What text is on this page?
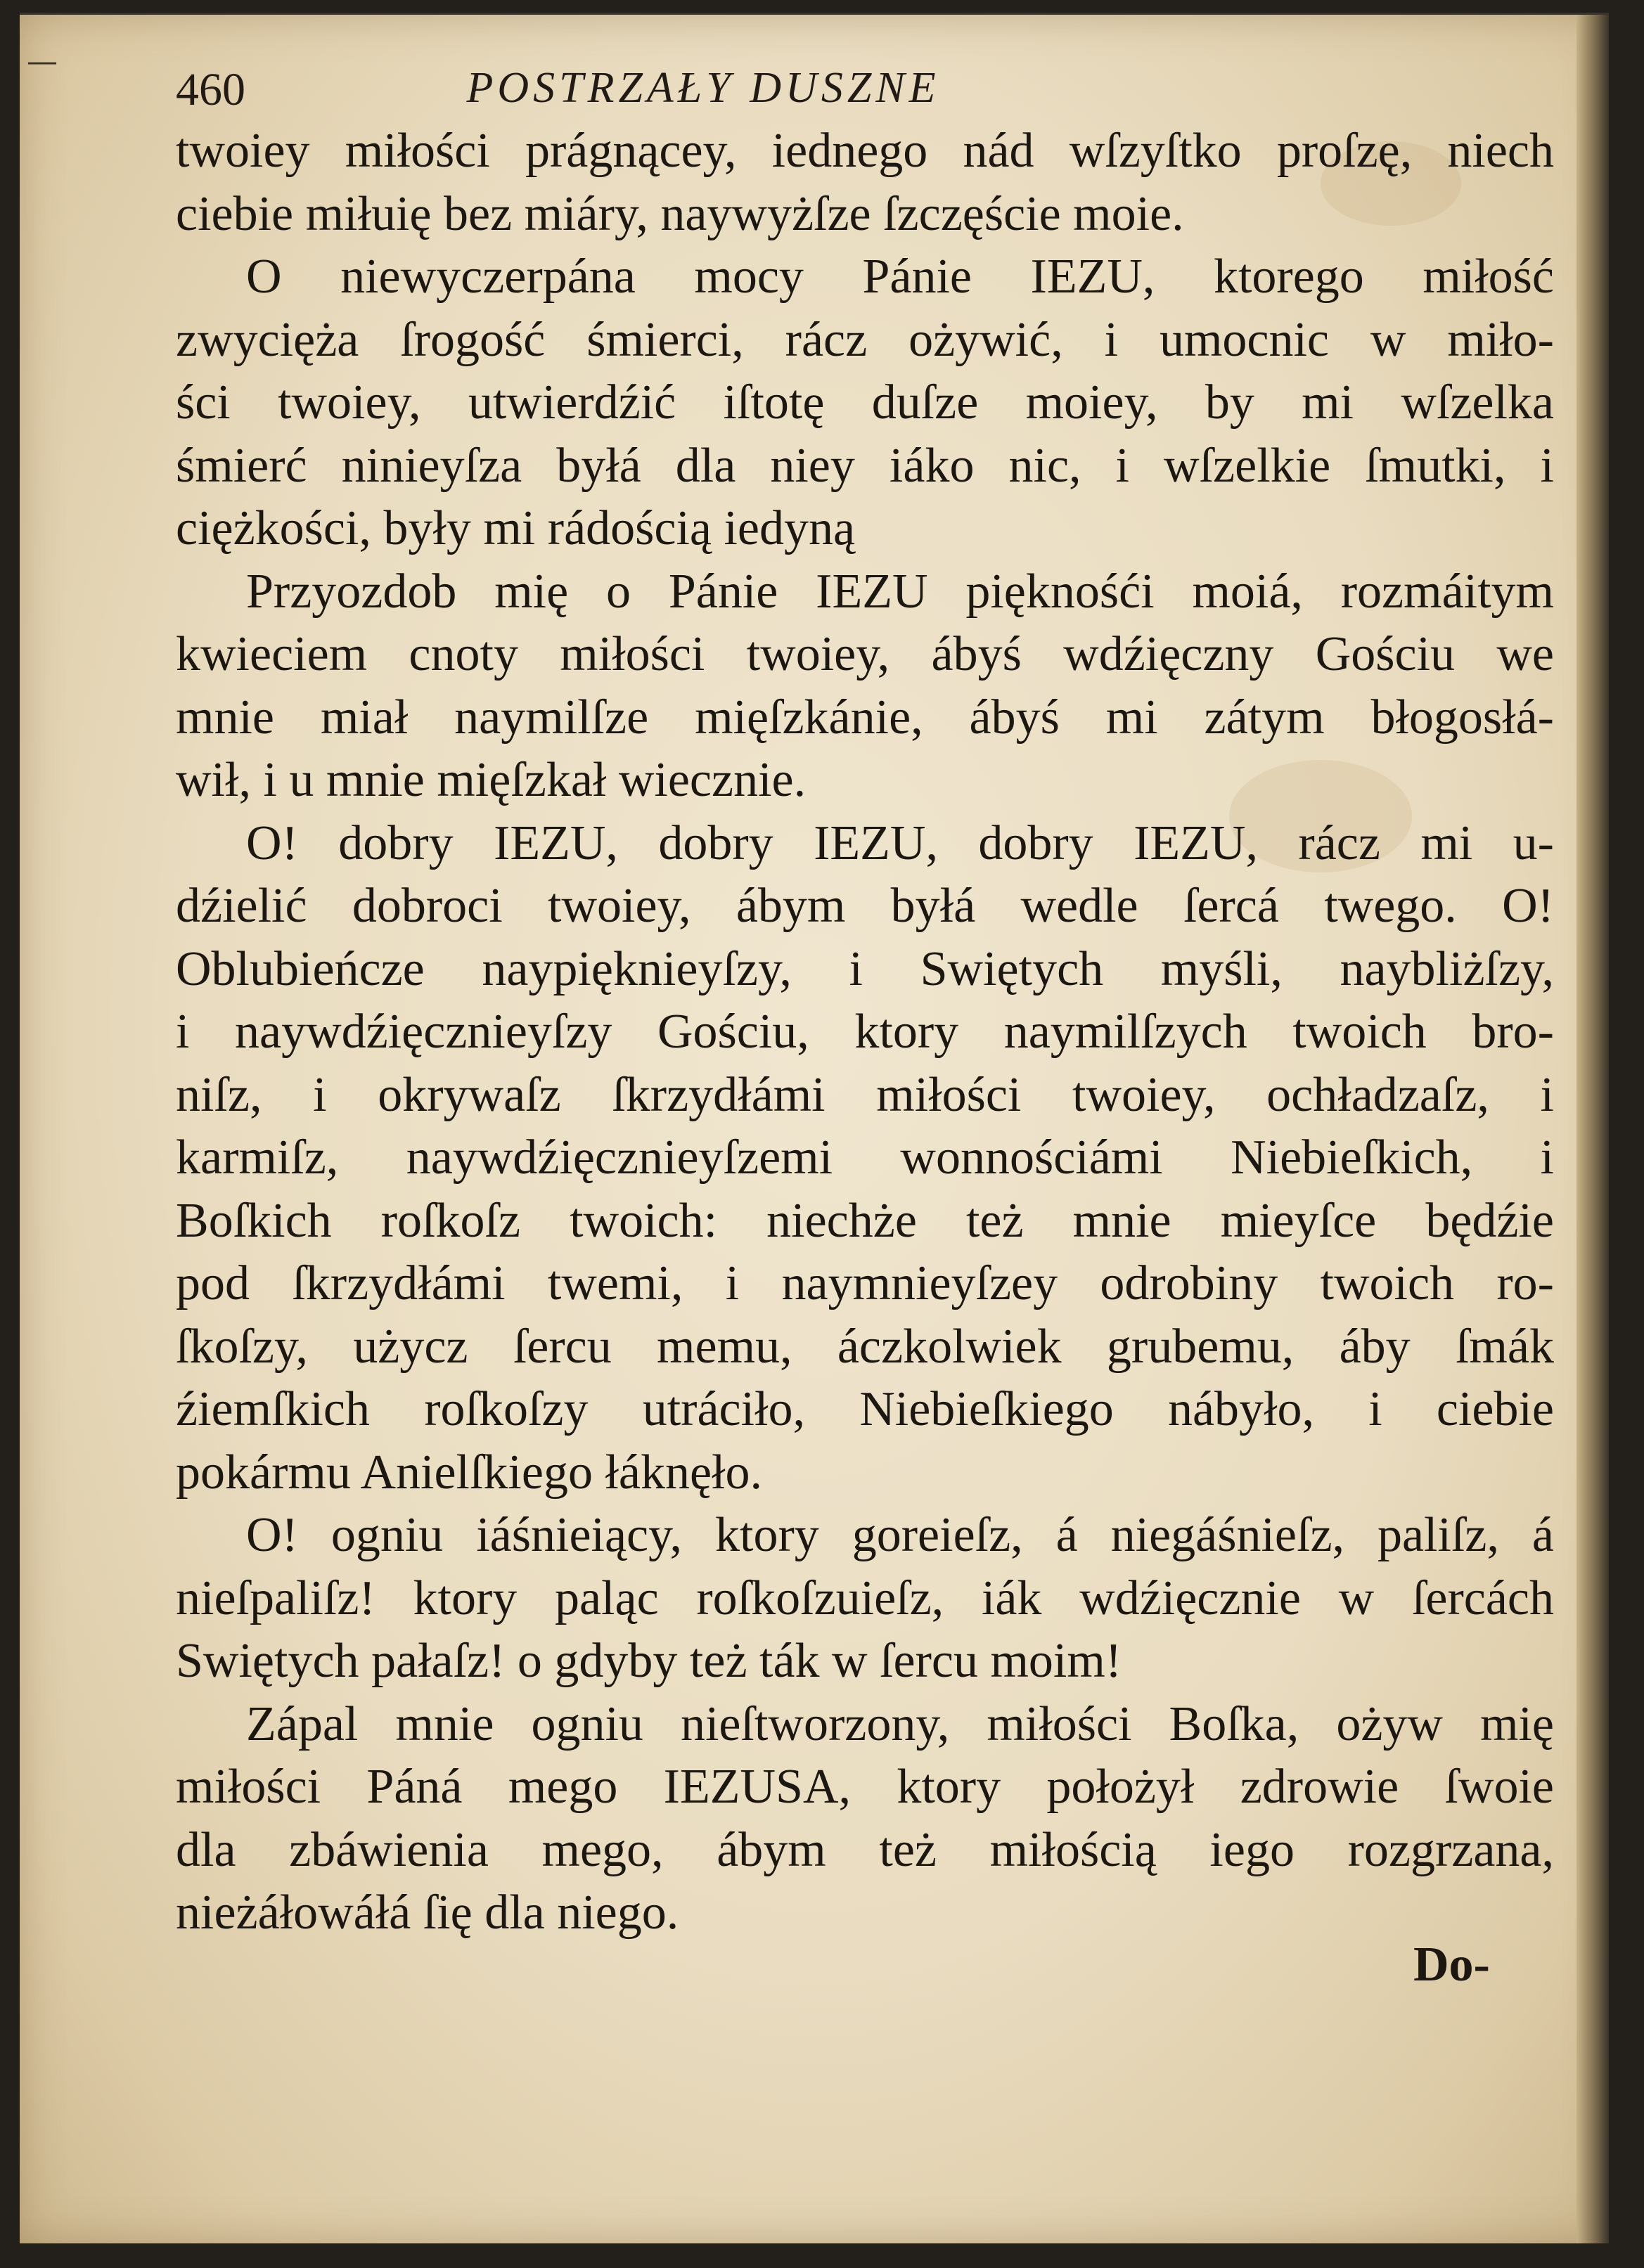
—
460	POSTRZAŁY DUSZNE
twoiey miłości prágnącey, iednego nád wſzyſtko proſzę, niech
ciebie miłuię bez miáry, naywyżſze ſzczęście moie.
O niewyczerpána mocy Pánie IEZU, ktorego miłość
zwycięża ſrogość śmierci, rácz ożywić, i umocnic w miło-
ści twoiey, utwierdźić iſtotę duſze moiey, by mi wſzelka
śmierć ninieyſza byłá dla niey iáko nic, i wſzelkie ſmutki, i
ciężkości, były mi rádością iedyną
Przyozdob mię o Pánie IEZU pięknośći moiá, rozmáitym
kwieciem cnoty miłości twoiey, ábyś wdźięczny Gościu we
mnie miał naymilſze mięſzkánie, ábyś mi zátym błogosłá-
wił, i u mnie mięſzkał wiecznie.
O! dobry IEZU, dobry IEZU, dobry IEZU, rácz mi u-
dźielić dobroci twoiey, ábym byłá wedle ſercá twego. O!
Oblubieńcze naypięknieyſzy, i Swiętych myśli, naybliżſzy,
i naywdźięcznieyſzy Gościu, ktory naymilſzych twoich bro-
niſz, i okrywaſz ſkrzydłámi miłości twoiey, ochładzaſz, i
karmiſz, naywdźięcznieyſzemi wonnościámi Niebieſkich, i
Boſkich roſkoſz twoich: niechże też mnie mieyſce będźie
pod ſkrzydłámi twemi, i naymnieyſzey odrobiny twoich ro-
ſkoſzy, użycz ſercu memu, áczkolwiek grubemu, áby ſmák
źiemſkich roſkoſzy utráciło, Niebieſkiego nábyło, i ciebie
pokármu Anielſkiego łáknęło.
O! ogniu iáśnieiący, ktory goreieſz, á niegáśnieſz, paliſz, á
nieſpaliſz! ktory paląc roſkoſzuieſz, iák wdźięcznie w ſercách
Swiętych pałaſz! o gdyby też ták w ſercu moim!
Zápal mnie ogniu nieſtworzony, miłości Boſka, ożyw mię
miłości Páná mego IEZUSA, ktory położył zdrowie ſwoie
dla zbáwienia mego, ábym też miłością iego rozgrzana,
nieżáłowáłá ſię dla niego.
Do-
